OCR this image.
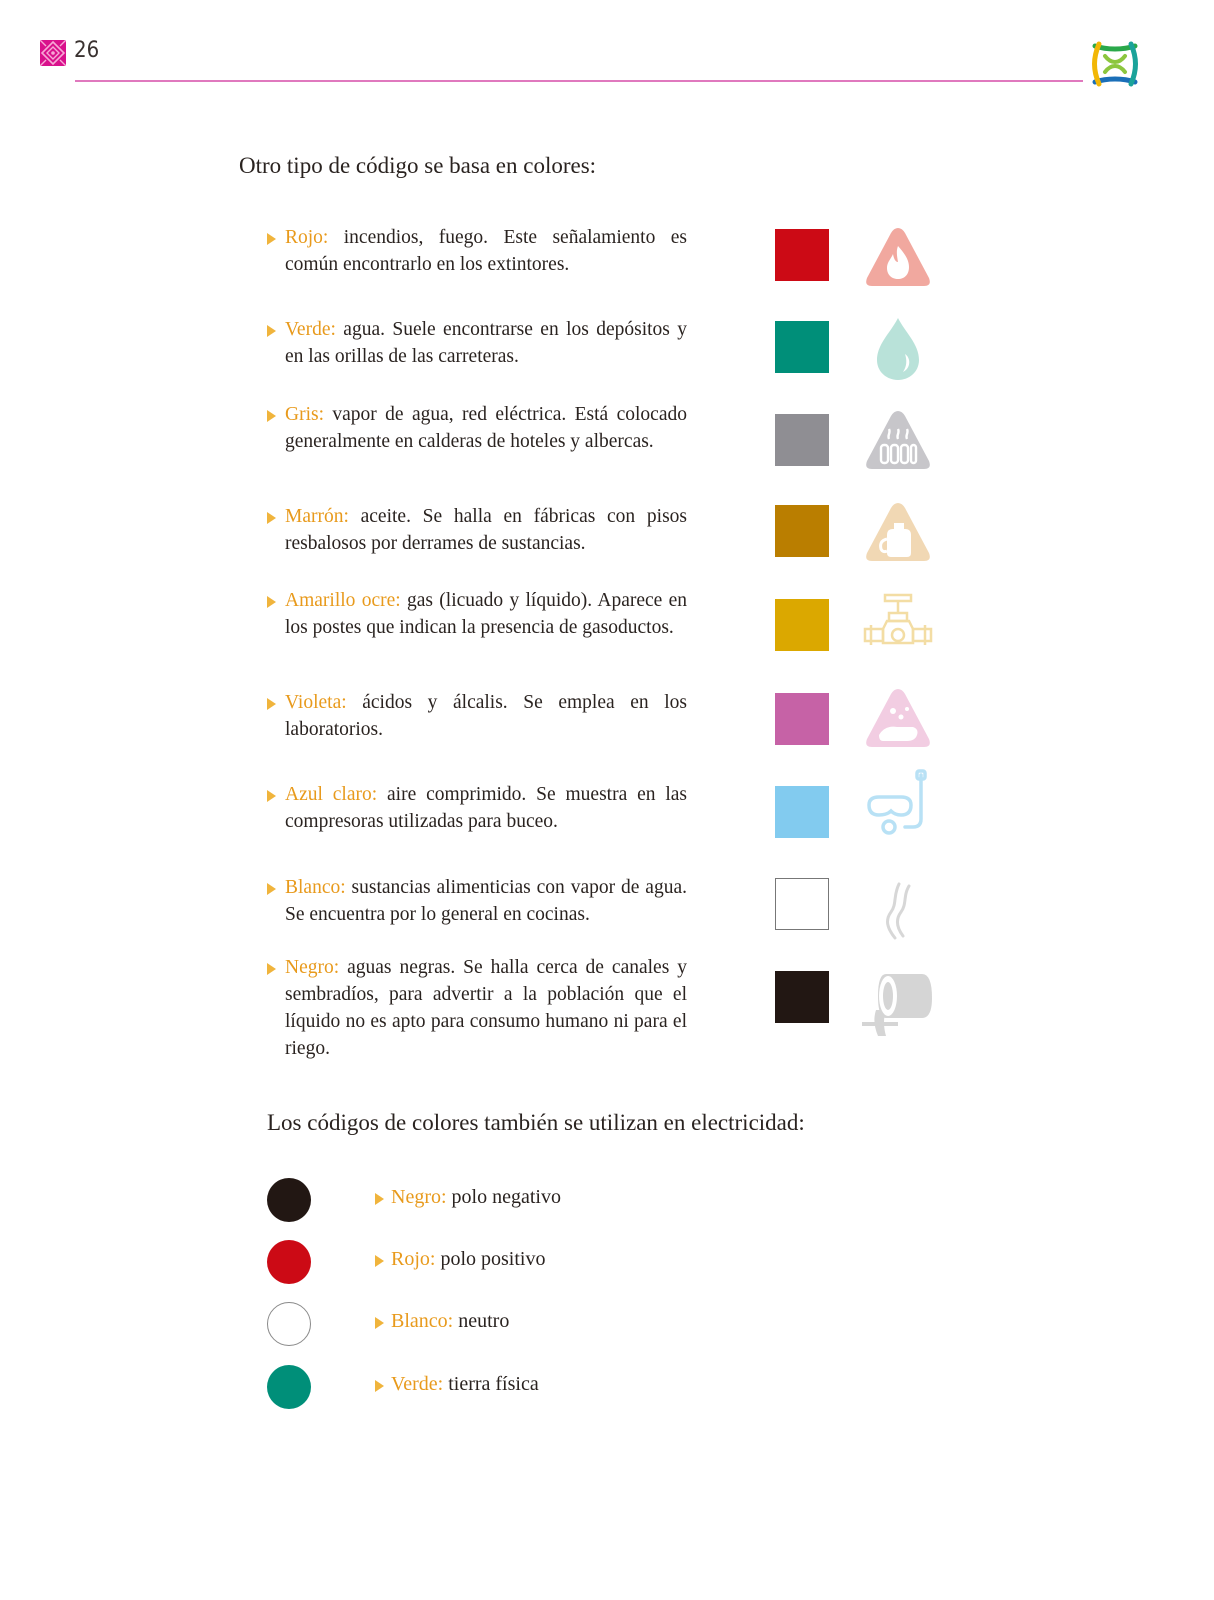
26
Otro tipo de código se basa en colores:

Rojo: incendios, fuego. Este señalamiento es común encontrarlo en los extintores.

Verde: agua. Suele encontrarse en los depósitos y en las orillas de las carreteras.

Gris: vapor de agua, red eléctrica. Está colocado generalmente en calderas de hoteles y albercas.

Marrón: aceite. Se halla en fábricas con pisos resbalosos por derrames de sustancias.

Amarillo ocre: gas (licuado y líquido). Aparece en los postes que indican la presencia de gasoductos.

Violeta: ácidos y álcalis. Se emplea en los laboratorios.

Azul claro: aire comprimido. Se muestra en las compresoras utilizadas para buceo.

Blanco: sustancias alimenticias con vapor de agua. Se encuentra por lo general en cocinas.

Negro: aguas negras. Se halla cerca de canales y sembradíos, para advertir a la población que el líquido no es apto para consumo humano ni para el riego.

Los códigos de colores también se utilizan en electricidad:
Negro: polo negativo
Rojo: polo positivo
Blanco: neutro
Verde: tierra física
